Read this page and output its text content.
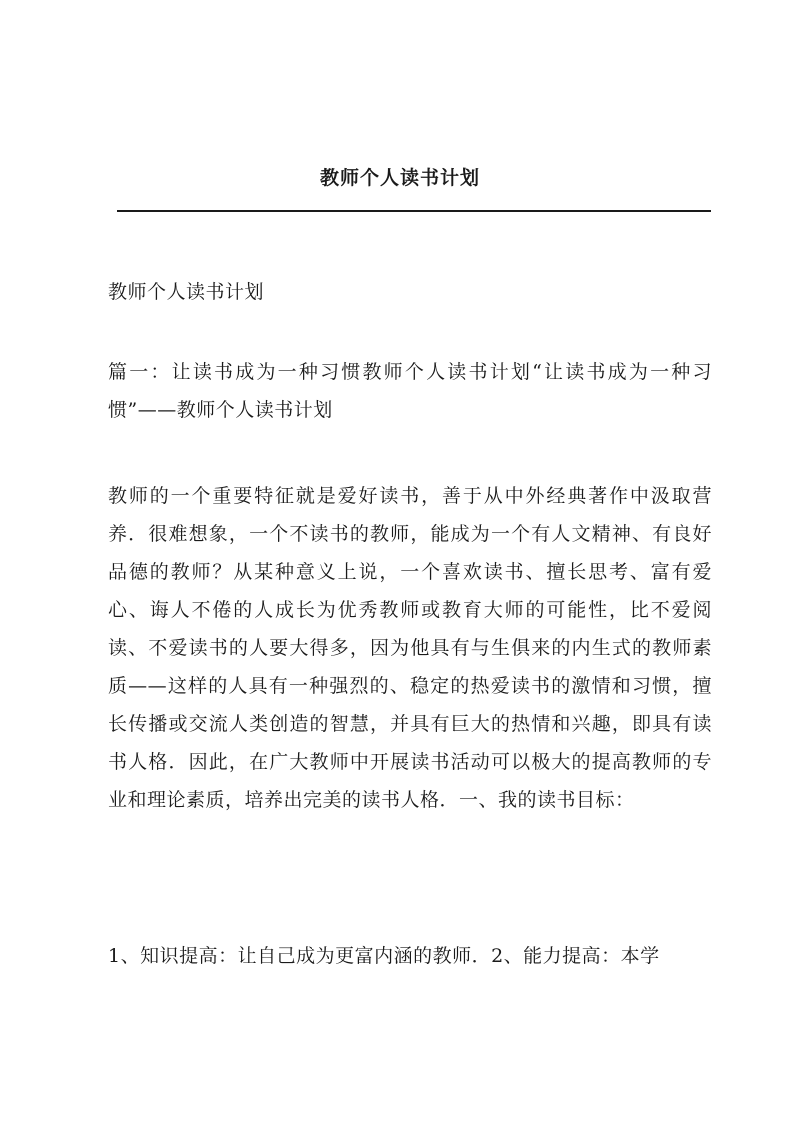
教师个人读书计划

教师个人读书计划

篇一：让读书成为一种习惯教师个人读书计划“让读书成为一种习惯”——教师个人读书计划

教师的一个重要特征就是爱好读书，善于从中外经典著作中汲取营养．很难想象，一个不读书的教师，能成为一个有人文精神、有良好品德的教师？从某种意义上说，一个喜欢读书、擅长思考、富有爱心、诲人不倦的人成长为优秀教师或教育大师的可能性，比不爱阅读、不爱读书的人要大得多，因为他具有与生俱来的内生式的教师素质——这样的人具有一种强烈的、稳定的热爱读书的激情和习惯，擅长传播或交流人类创造的智慧，并具有巨大的热情和兴趣，即具有读书人格．因此，在广大教师中开展读书活动可以极大的提高教师的专业和理论素质，培养出完美的读书人格．一、我的读书目标：

1、知识提高：让自己成为更富内涵的教师．2、能力提高：本学
